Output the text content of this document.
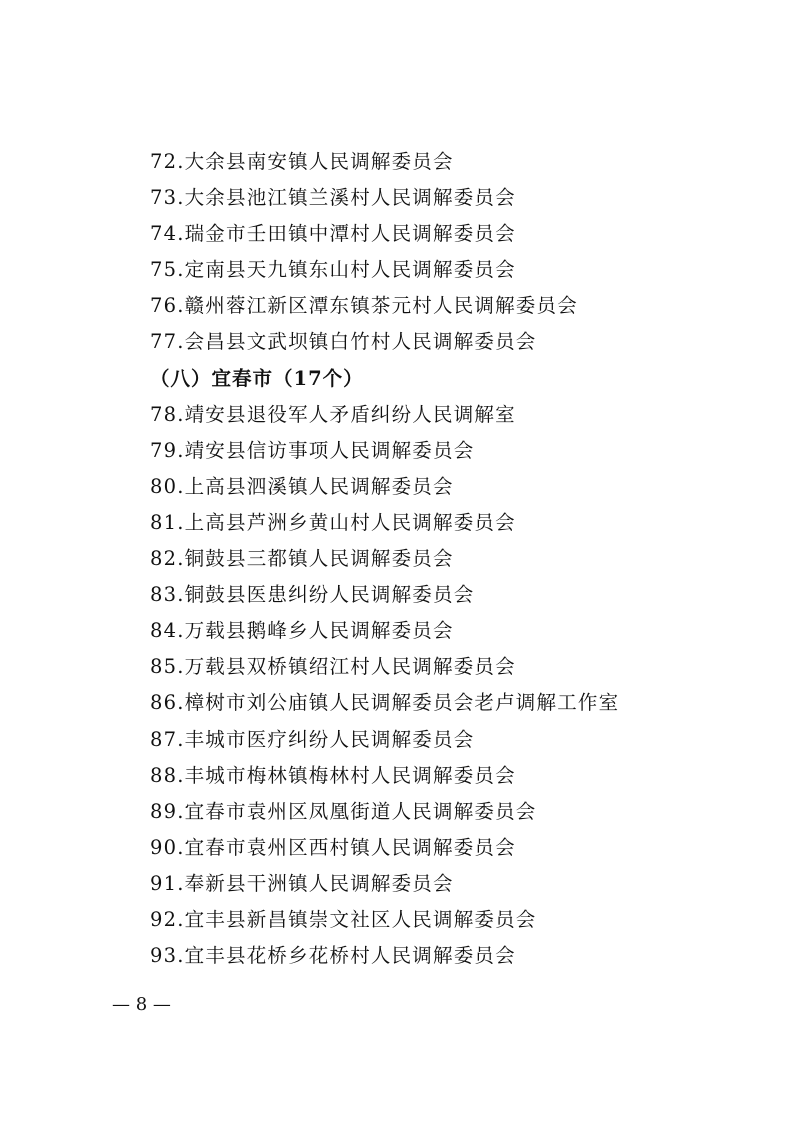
72.大余县南安镇人民调解委员会
73.大余县池江镇兰溪村人民调解委员会
74.瑞金市壬田镇中潭村人民调解委员会
75.定南县天九镇东山村人民调解委员会
76.赣州蓉江新区潭东镇茶元村人民调解委员会
77.会昌县文武坝镇白竹村人民调解委员会
（八）宜春市（17个）
78.靖安县退役军人矛盾纠纷人民调解室
79.靖安县信访事项人民调解委员会
80.上高县泗溪镇人民调解委员会
81.上高县芦洲乡黄山村人民调解委员会
82.铜鼓县三都镇人民调解委员会
83.铜鼓县医患纠纷人民调解委员会
84.万载县鹅峰乡人民调解委员会
85.万载县双桥镇绍江村人民调解委员会
86.樟树市刘公庙镇人民调解委员会老卢调解工作室
87.丰城市医疗纠纷人民调解委员会
88.丰城市梅林镇梅林村人民调解委员会
89.宜春市袁州区凤凰街道人民调解委员会
90.宜春市袁州区西村镇人民调解委员会
91.奉新县干洲镇人民调解委员会
92.宜丰县新昌镇崇文社区人民调解委员会
93.宜丰县花桥乡花桥村人民调解委员会
— 8 —
